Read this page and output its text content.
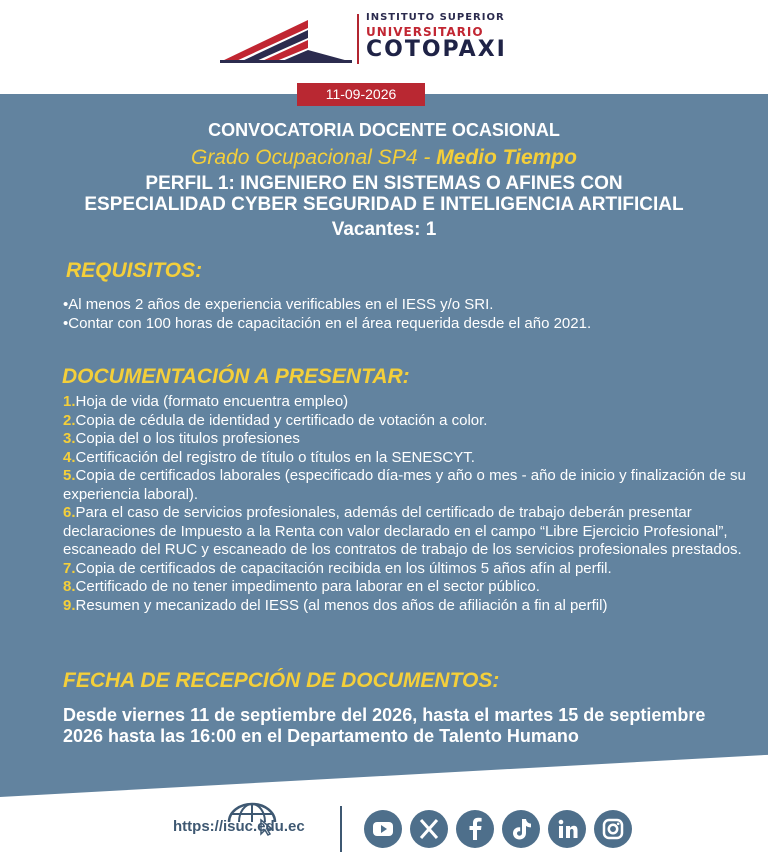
INSTITUTO SUPERIOR
UNIVERSITARIO
COTOPAXI
11-09-2026
CONVOCATORIA DOCENTE OCASIONAL
Grado Ocupacional SP4 - Medio Tiempo
PERFIL 1: INGENIERO EN SISTEMAS O AFINES CON
ESPECIALIDAD CYBER SEGURIDAD E INTELIGENCIA ARTIFICIAL
Vacantes: 1
REQUISITOS:
•Al menos 2 años de experiencia verificables en el IESS y/o SRI.
•Contar con 100 horas de capacitación en el área requerida desde el año 2021.
DOCUMENTACIÓN A PRESENTAR:
1.Hoja de vida (formato encuentra empleo)
2.Copia de cédula de identidad y certificado de votación a color.
3.Copia del o los titulos profesiones
4.Certificación del registro de título o títulos en la SENESCYT.
5.Copia de certificados laborales (especificado día-mes y año o mes - año de inicio y finalización de su experiencia laboral).
6.Para el caso de servicios profesionales, además del certificado de trabajo deberán presentar declaraciones de Impuesto a la Renta con valor declarado en el campo “Libre Ejercicio Profesional”, escaneado del RUC y escaneado de los contratos de trabajo de los servicios profesionales prestados.
7.Copia de certificados de capacitación recibida en los últimos 5 años afín al perfil.
8.Certificado de no tener impedimento para laborar en el sector público.
9.Resumen y mecanizado del IESS (al menos dos años de afiliación a fin al perfil)
FECHA DE RECEPCIÓN DE DOCUMENTOS:
Desde viernes 11 de septiembre del 2026, hasta el martes 15 de septiembre 2026 hasta las 16:00 en el Departamento de Talento Humano
https://isuc.edu.ec
